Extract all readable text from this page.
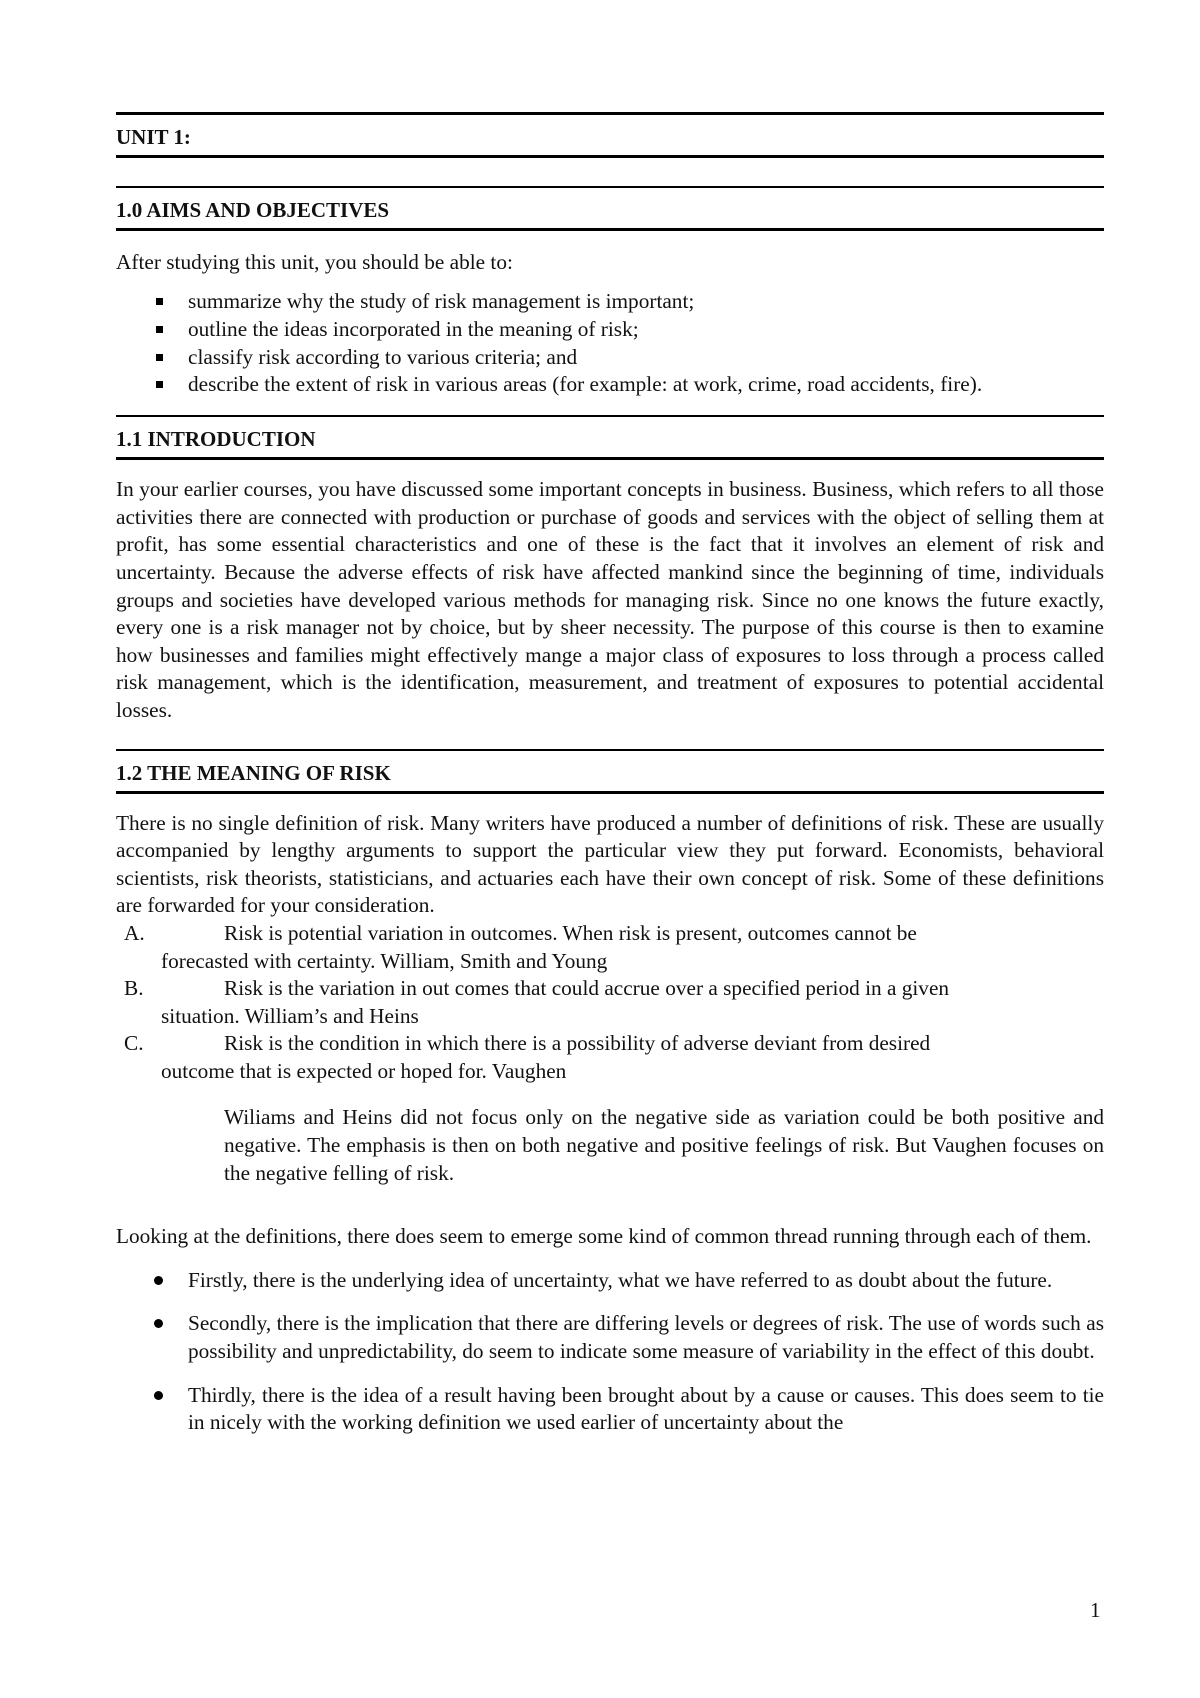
UNIT 1:
1.0 AIMS AND OBJECTIVES
After studying this unit, you should be able to:
summarize why the study of risk management is important;
outline the ideas incorporated in the meaning of risk;
classify risk according to various criteria; and
describe the extent of risk in various areas (for example: at work, crime, road accidents, fire).
1.1 INTRODUCTION

In your earlier courses, you have discussed some important concepts in business. Business, which refers to all those activities there are connected with production or purchase of goods and services with the object of selling them at profit, has some essential characteristics and one of these is the fact that it involves an element of risk and uncertainty. Because the adverse effects of risk have affected mankind since the beginning of time, individuals groups and societies have developed various methods for managing risk. Since no one knows the future exactly, every one is a risk manager not by choice, but by sheer necessity. The purpose of this course is then to examine how businesses and families might effectively mange a major class of exposures to loss through a process called risk management, which is the identification, measurement, and treatment of exposures to potential accidental losses.

1.2 THE MEANING OF RISK

There is no single definition of risk. Many writers have produced a number of definitions of risk. These are usually accompanied by lengthy arguments to support the particular view they put forward. Economists, behavioral scientists, risk theorists, statisticians, and actuaries each have their own concept of risk. Some of these definitions are forwarded for your consideration.

A.	Risk is potential variation in outcomes. When risk is present, outcomes cannot be
forecasted with certainty. William, Smith and Young
B.	Risk is the variation in out comes that could accrue over a specified period in a given
situation. William’s and Heins
C.	Risk is the condition in which there is a possibility of adverse deviant from desired
outcome that is expected or hoped for. Vaughen

Wiliams and Heins did not focus only on the negative side as variation could be both positive and negative. The emphasis is then on both negative and positive feelings of risk. But Vaughen focuses on the negative felling of risk.

Looking at the definitions, there does seem to emerge some kind of common thread running through each of them.

Firstly, there is the underlying idea of uncertainty, what we have referred to as doubt about the future.
Secondly, there is the implication that there are differing levels or degrees of risk. The use of words such as possibility and unpredictability, do seem to indicate some measure of variability in the effect of this doubt.
Thirdly, there is the idea of a result having been brought about by a cause or causes. This does seem to tie in nicely with the working definition we used earlier of uncertainty about the
1
